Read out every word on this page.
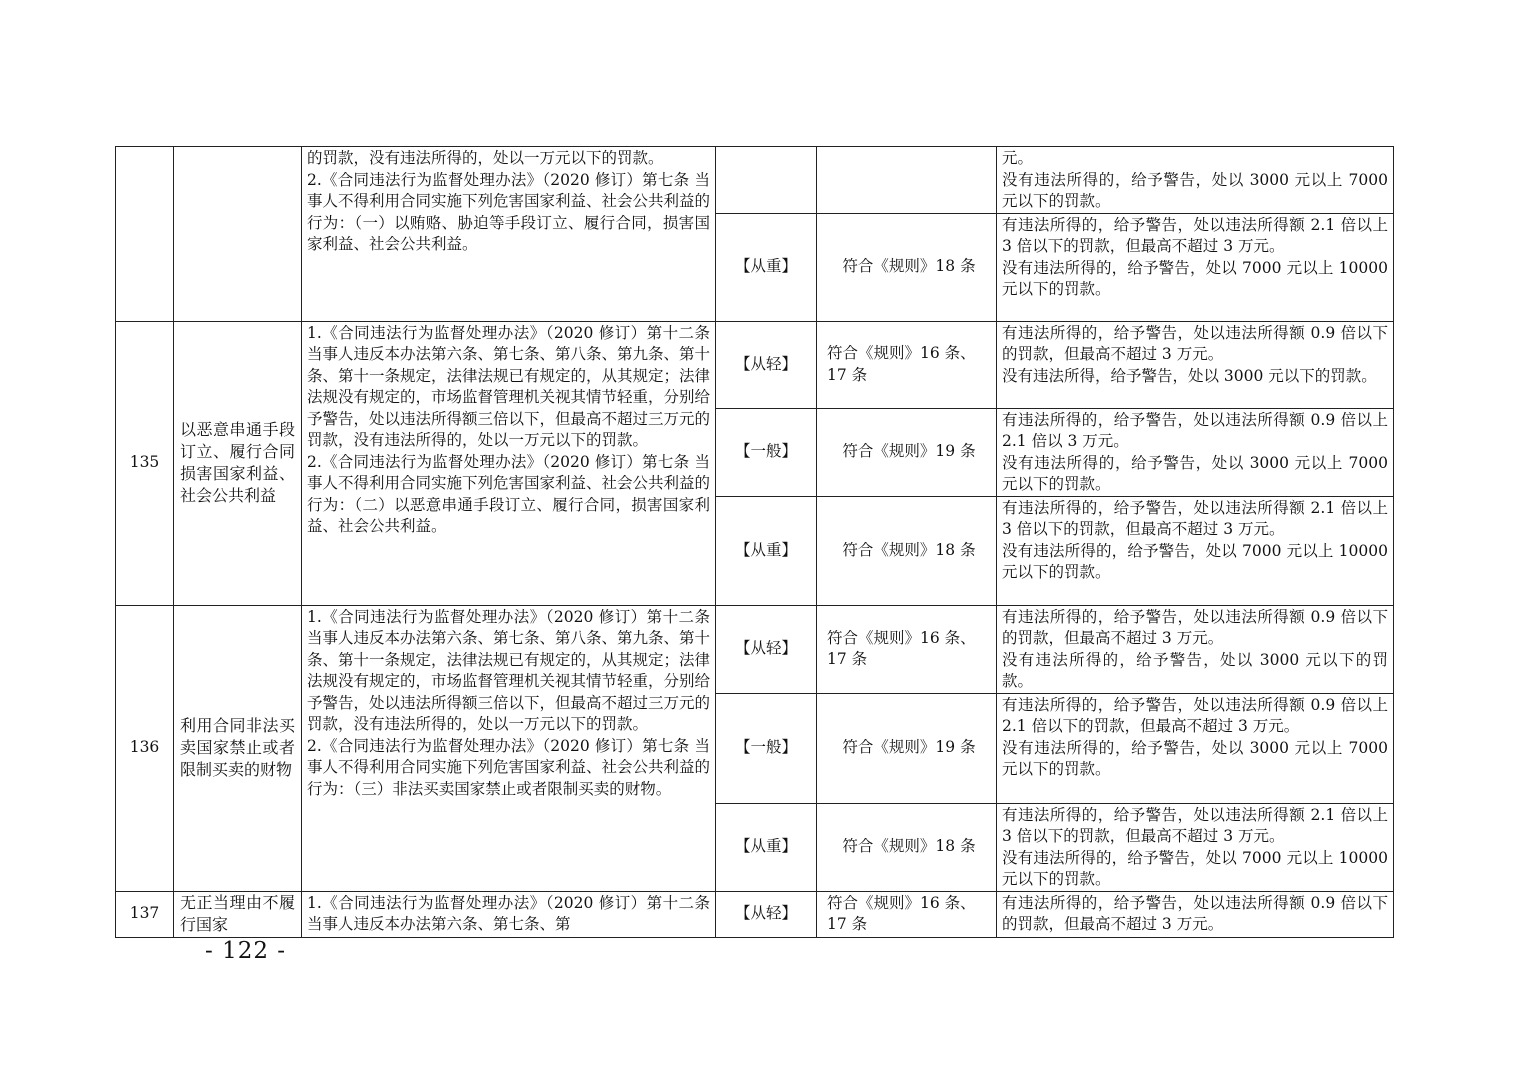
		的罚款，没有违法所得的，处以一万元以下的罚款。
2.《合同违法行为监督处理办法》（2020 修订）第七条 当事人不得利用合同实施下列危害国家利益、社会公共利益的行为：（一）以贿赂、胁迫等手段订立、履行合同，损害国家利益、社会公共利益。			元。
没有违法所得的，给予警告，处以 3000 元以上 7000 元以下的罚款。

			【从重】	符合《规则》18 条	有违法所得的，给予警告，处以违法所得额 2.1 倍以上 3 倍以下的罚款，但最高不超过 3 万元。
没有违法所得的，给予警告，处以 7000 元以上 10000 元以下的罚款。

135	以恶意串通手段订立、履行合同损害国家利益、社会公共利益	1.《合同违法行为监督处理办法》（2020 修订）第十二条 当事人违反本办法第六条、第七条、第八条、第九条、第十条、第十一条规定，法律法规已有规定的，从其规定；法律法规没有规定的，市场监督管理机关视其情节轻重，分别给予警告，处以违法所得额三倍以下，但最高不超过三万元的罚款，没有违法所得的，处以一万元以下的罚款。
2.《合同违法行为监督处理办法》（2020 修订）第七条 当事人不得利用合同实施下列危害国家利益、社会公共利益的行为：（二）以恶意串通手段订立、履行合同，损害国家利益、社会公共利益。	【从轻】	符合《规则》16 条、17 条	有违法所得的，给予警告，处以违法所得额 0.9 倍以下的罚款，但最高不超过 3 万元。
没有违法所得，给予警告，处以 3000 元以下的罚款。

			【一般】	符合《规则》19 条	有违法所得的，给予警告，处以违法所得额 0.9 倍以上 2.1 倍以 3 万元。
没有违法所得的，给予警告，处以 3000 元以上 7000 元以下的罚款。

			【从重】	符合《规则》18 条	有违法所得的，给予警告，处以违法所得额 2.1 倍以上 3 倍以下的罚款，但最高不超过 3 万元。
没有违法所得的，给予警告，处以 7000 元以上 10000 元以下的罚款。

136	利用合同非法买卖国家禁止或者限制买卖的财物	1.《合同违法行为监督处理办法》（2020 修订）第十二条 当事人违反本办法第六条、第七条、第八条、第九条、第十条、第十一条规定，法律法规已有规定的，从其规定；法律法规没有规定的，市场监督管理机关视其情节轻重，分别给予警告，处以违法所得额三倍以下，但最高不超过三万元的罚款，没有违法所得的，处以一万元以下的罚款。
2.《合同违法行为监督处理办法》（2020 修订）第七条 当事人不得利用合同实施下列危害国家利益、社会公共利益的行为：（三）非法买卖国家禁止或者限制买卖的财物。	【从轻】	符合《规则》16 条、17 条	有违法所得的，给予警告，处以违法所得额 0.9 倍以下的罚款，但最高不超过 3 万元。
没有违法所得的，给予警告，处以 3000 元以下的罚款。

			【一般】	符合《规则》19 条	有违法所得的，给予警告，处以违法所得额 0.9 倍以上 2.1 倍以下的罚款，但最高不超过 3 万元。
没有违法所得的，给予警告，处以 3000 元以上 7000 元以下的罚款。

			【从重】	符合《规则》18 条	有违法所得的，给予警告，处以违法所得额 2.1 倍以上 3 倍以下的罚款，但最高不超过 3 万元。
没有违法所得的，给予警告，处以 7000 元以上 10000 元以下的罚款。

137	无正当理由不履行国家	1.《合同违法行为监督处理办法》（2020 修订）第十二条 当事人违反本办法第六条、第七条、第	【从轻】	符合《规则》16 条、17 条	有违法所得的，给予警告，处以违法所得额 0.9 倍以下的罚款，但最高不超过 3 万元。
- 122 -
